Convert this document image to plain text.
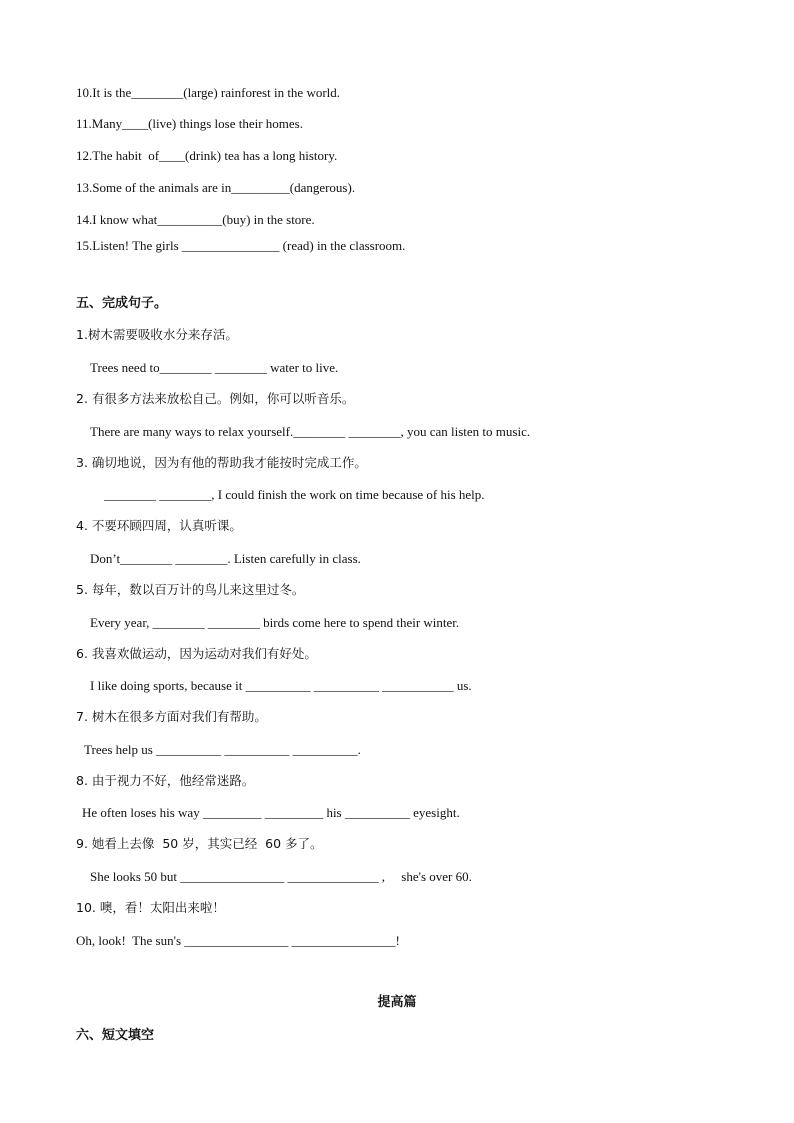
10.It is the________(large) rainforest in the world.
11.Many____(live) things lose their homes.
12.The habit  of____(drink) tea has a long history.
13.Some of the animals are in_________(dangerous).
14.I know what__________(buy) in the store.
15.Listen! The girls _______________ (read) in the classroom.
五、完成句子。
1.树木需要吸收水分来存活。
Trees need to________ ________ water to live.
2. 有很多方法来放松自己。例如，你可以听音乐。
There are many ways to relax yourself.________ ________, you can listen to music.
3. 确切地说，因为有他的帮助我才能按时完成工作。
________ ________, I could finish the work on time because of his help.
4. 不要环顾四周，认真听课。
Don’t________ ________. Listen carefully in class.
5. 每年，数以百万计的鸟儿来这里过冬。
Every year, ________ ________ birds come here to spend their winter.
6. 我喜欢做运动，因为运动对我们有好处。
I like doing sports, because it __________ __________ ___________ us.
7. 树木在很多方面对我们有帮助。
Trees help us __________ __________ __________.
8. 由于视力不好，他经常迷路。
He often loses his way _________ _________ his __________ eyesight.
9. 她看上去像  50 岁，其实已经  60 多了。
She looks 50 but ________________ ______________ ,     she's over 60.
10. 噢，看！太阳出来啦！
Oh, look!  The sun's ________________ ________________!
提高篇
六、短文填空
